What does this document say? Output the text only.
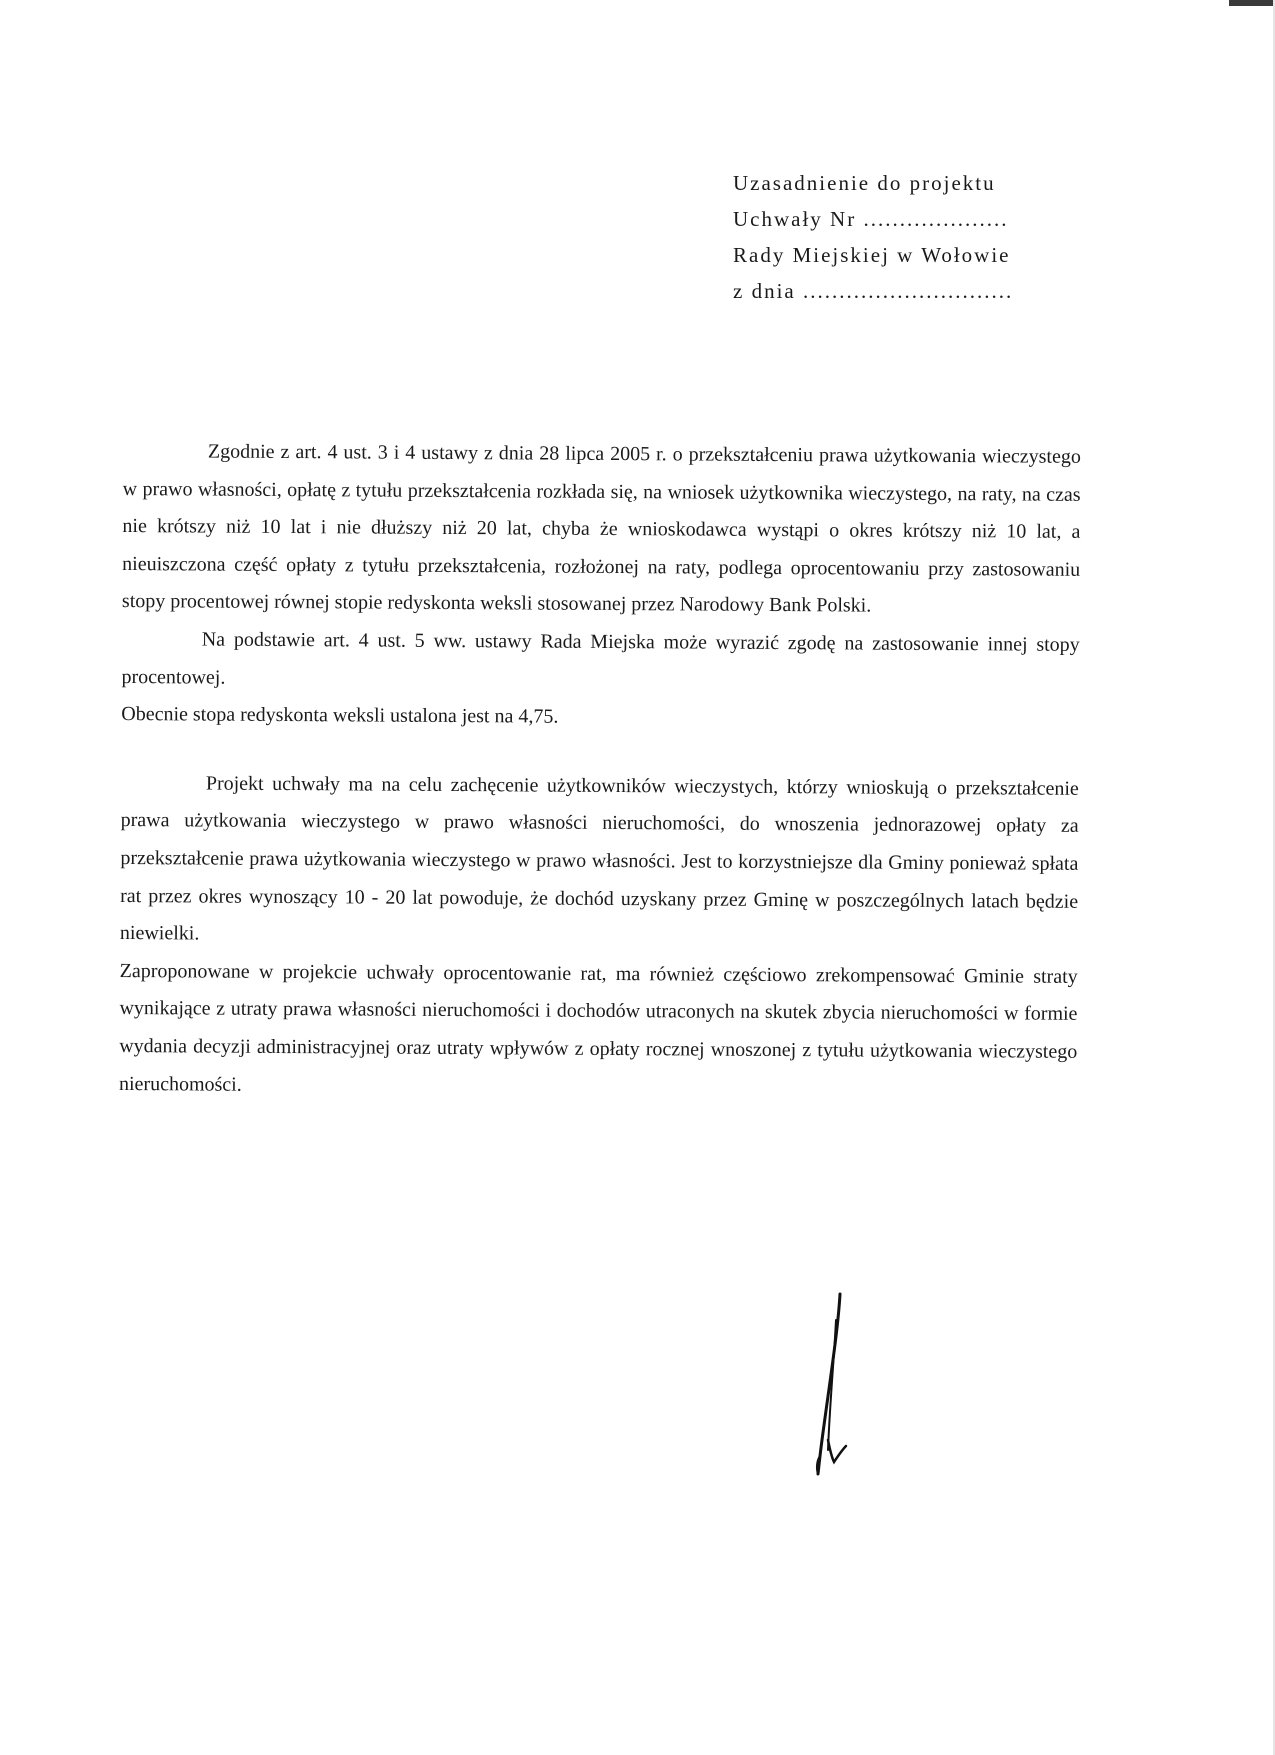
Uzasadnienie do projektu
Uchwały Nr ....................
Rady Miejskiej w Wołowie
z dnia .............................

Zgodnie z art. 4 ust. 3 i 4 ustawy z dnia 28 lipca 2005 r. o przekształceniu prawa użytkowania wieczystego w prawo własności, opłatę z tytułu przekształcenia rozkłada się, na wniosek użytkownika wieczystego, na raty, na czas nie krótszy niż 10 lat i nie dłuższy niż 20 lat, chyba że wnioskodawca wystąpi o okres krótszy niż 10 lat, a nieuiszczona część opłaty z tytułu przekształcenia, rozłożonej na raty, podlega oprocentowaniu przy zastosowaniu stopy procentowej równej stopie redyskonta weksli stosowanej przez Narodowy Bank Polski.

Na podstawie art. 4 ust. 5 ww. ustawy Rada Miejska może wyrazić zgodę na zastosowanie innej stopy procentowej.

Obecnie stopa redyskonta weksli ustalona jest na 4,75.

Projekt uchwały ma na celu zachęcenie użytkowników wieczystych, którzy wnioskują o przekształcenie prawa użytkowania wieczystego w prawo własności nieruchomości, do wnoszenia jednorazowej opłaty za przekształcenie prawa użytkowania wieczystego w prawo własności. Jest to korzystniejsze dla Gminy ponieważ spłata rat przez okres wynoszący 10 - 20 lat powoduje, że dochód uzyskany przez Gminę w poszczególnych latach będzie niewielki.

Zaproponowane w projekcie uchwały oprocentowanie rat, ma również częściowo zrekompensować Gminie straty wynikające z utraty prawa własności nieruchomości i dochodów utraconych na skutek zbycia nieruchomości w formie wydania decyzji administracyjnej oraz utraty wpływów z opłaty rocznej wnoszonej z tytułu użytkowania wieczystego nieruchomości.
